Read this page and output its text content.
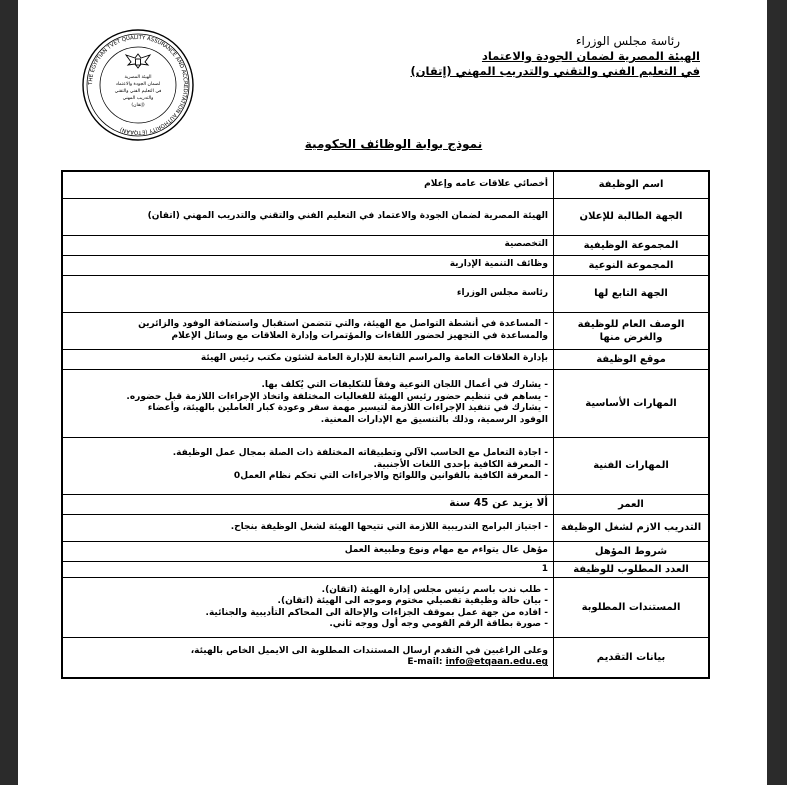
THE EGYPTIAN TVET QUALITY ASSURANCE AND ACCREDITATION AUTHORITY (ETQAAN)
الهيئة المصرية
لضمان الجودة والاعتماد
في التعليم الفني والتقني
والتدريب المهني
(إتقان)
رئاسة مجلس الوزراء
الهيئة المصرية لضمان الجودة والاعتماد
في التعليم الفني والتقني والتدريب المهني (إتقان)
نموذج بوابة الوظائف الحكومية
اسم الوظيفة	أخصائي علاقات عامه وإعلام

الجهة الطالبة للإعلان	الهيئة المصرية لضمان الجودة والاعتماد في التعليم الفني والتقني والتدريب المهني (اتقان)

المجموعة الوظيفية	التخصصية

المجموعة النوعية	وظائف التنمية الإدارية

الجهة التابع لها	رئاسة مجلس الوزراء

الوصف العام للوظيفة والغرض منها	- المساعدة في أنشطة التواصل مع الهيئة، والتي تتضمن استقبال واستضافة الوفود والزائرين
والمساعدة في التجهيز لحضور اللقاءات والمؤتمرات وإدارة العلاقات مع وسائل الإعلام

موقع الوظيفة	بإدارة العلاقات العامة والمراسم التابعة للإدارة العامة لشئون مكتب رئيس الهيئة

المهارات الأساسية	- يشارك في أعمال اللجان النوعية وفقاً للتكليفات التي يُكلف بها.
- يساهم في تنظيم حضور رئيس الهيئة للفعاليات المختلفة واتخاذ الإجراءات اللازمة قبل حضوره.
- يشارك في تنفيذ الإجراءات اللازمة لتيسير مهمة سفر وعودة كبار العاملين بالهيئة، وأعضاء
الوفود الرسمية، وذلك بالتنسيق مع الإدارات المعنية.

المهارات الفنية	- اجادة التعامل مع الحاسب الآلي وتطبيقاته المختلفة ذات الصلة بمجال عمل الوظيفة.
- المعرفة الكافية بإحدى اللغات الأجنبية.
- المعرفة الكافية بالقوانين واللوائح والاجراءات التي تحكم نظام العمل0

العمر	ألا يزيد عن 45 سنة

التدريب الازم لشغل الوظيفة	- اجتياز البرامج التدريبية اللازمة التي تتيحها الهيئة لشغل الوظيفة بنجاح.

شروط المؤهل	مؤهل عال يتواءم مع مهام ونوع وطبيعة العمل

العدد المطلوب للوظيفة	1

المستندات المطلوبة	- طلب ندب باسم رئيس مجلس إدارة الهيئة (اتقان).
- بيان حالة وظيفية تفصيلي مختوم وموجه الى الهيئة (اتقان).
- افاده من جهة عمل بموقف الجزاءات والإحالة الى المحاكم التأديبية والجنائية.
- صورة بطاقة الرقم القومي وجه أول ووجه ثاني.

بيانات التقديم	وعلى الراغبين في التقدم ارسال المستندات المطلوبة الى الايميل الخاص بالهيئة،
E-mail: info@etqaan.edu.eg
